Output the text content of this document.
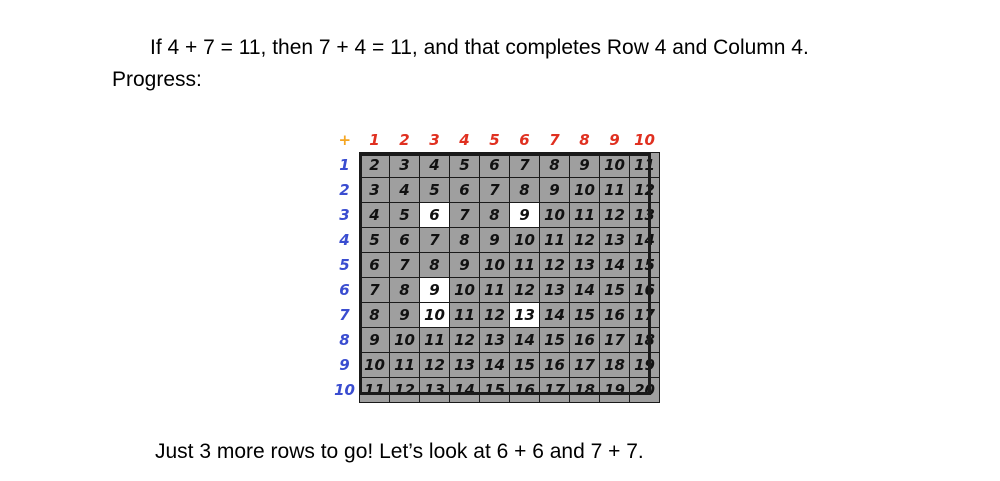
If 4 + 7 = 11, then 7 + 4 = 11, and that completes Row 4 and Column 4.
Progress:
+	1	2	3	4	5	6	7	8	9	10
1	2	3	4	5	6	7	8	9	10	11
2	3	4	5	6	7	8	9	10	11	12
3	4	5	6	7	8	9	10	11	12	13
4	5	6	7	8	9	10	11	12	13	14
5	6	7	8	9	10	11	12	13	14	15
6	7	8	9	10	11	12	13	14	15	16
7	8	9	10	11	12	13	14	15	16	17
8	9	10	11	12	13	14	15	16	17	18
9	10	11	12	13	14	15	16	17	18	19
10	11	12	13	14	15	16	17	18	19	20
Just 3 more rows to go! Let’s look at 6 + 6 and 7 + 7.
